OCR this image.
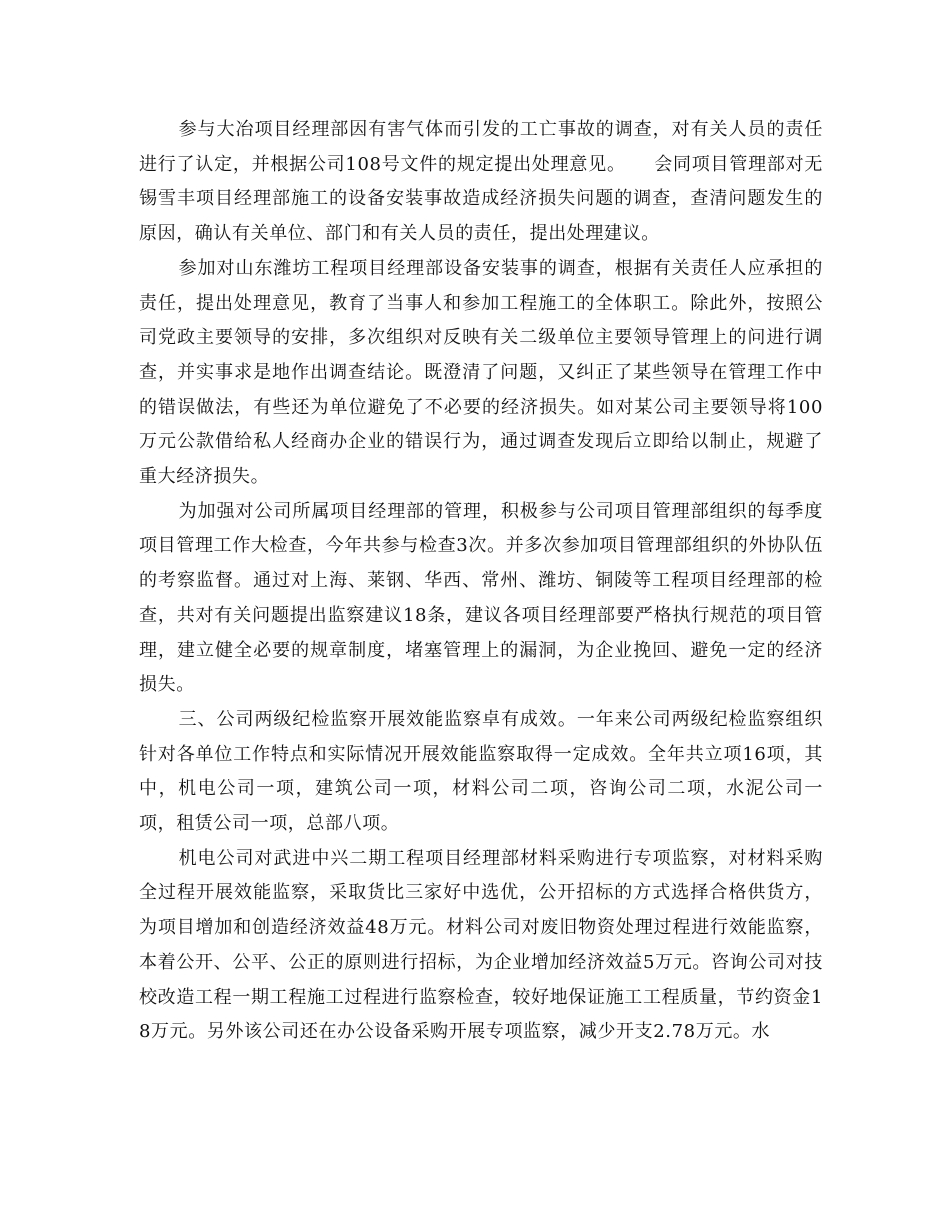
参与大冶项目经理部因有害气体而引发的工亡事故的调查，对有关人员的责任进行了认定，并根据公司108号文件的规定提出处理意见。　　会同项目管理部对无锡雪丰项目经理部施工的设备安装事故造成经济损失问题的调查，查清问题发生的原因，确认有关单位、部门和有关人员的责任，提出处理建议。

参加对山东潍坊工程项目经理部设备安装事的调查，根据有关责任人应承担的责任，提出处理意见，教育了当事人和参加工程施工的全体职工。除此外，按照公司党政主要领导的安排，多次组织对反映有关二级单位主要领导管理上的问进行调查，并实事求是地作出调查结论。既澄清了问题，又纠正了某些领导在管理工作中的错误做法，有些还为单位避免了不必要的经济损失。如对某公司主要领导将100万元公款借给私人经商办企业的错误行为，通过调查发现后立即给以制止，规避了重大经济损失。

为加强对公司所属项目经理部的管理，积极参与公司项目管理部组织的每季度项目管理工作大检查，今年共参与检查3次。并多次参加项目管理部组织的外协队伍的考察监督。通过对上海、莱钢、华西、常州、潍坊、铜陵等工程项目经理部的检查，共对有关问题提出监察建议18条，建议各项目经理部要严格执行规范的项目管理，建立健全必要的规章制度，堵塞管理上的漏洞，为企业挽回、避免一定的经济损失。

三、公司两级纪检监察开展效能监察卓有成效。一年来公司两级纪检监察组织针对各单位工作特点和实际情况开展效能监察取得一定成效。全年共立项16项，其中，机电公司一项，建筑公司一项，材料公司二项，咨询公司二项，水泥公司一项，租赁公司一项，总部八项。

机电公司对武进中兴二期工程项目经理部材料采购进行专项监察，对材料采购全过程开展效能监察，采取货比三家好中选优，公开招标的方式选择合格供货方，为项目增加和创造经济效益48万元。材料公司对废旧物资处理过程进行效能监察，本着公开、公平、公正的原则进行招标，为企业增加经济效益5万元。咨询公司对技校改造工程一期工程施工过程进行监察检查，较好地保证施工工程质量，节约资金18万元。另外该公司还在办公设备采购开展专项监察，减少开支2.78万元。水
